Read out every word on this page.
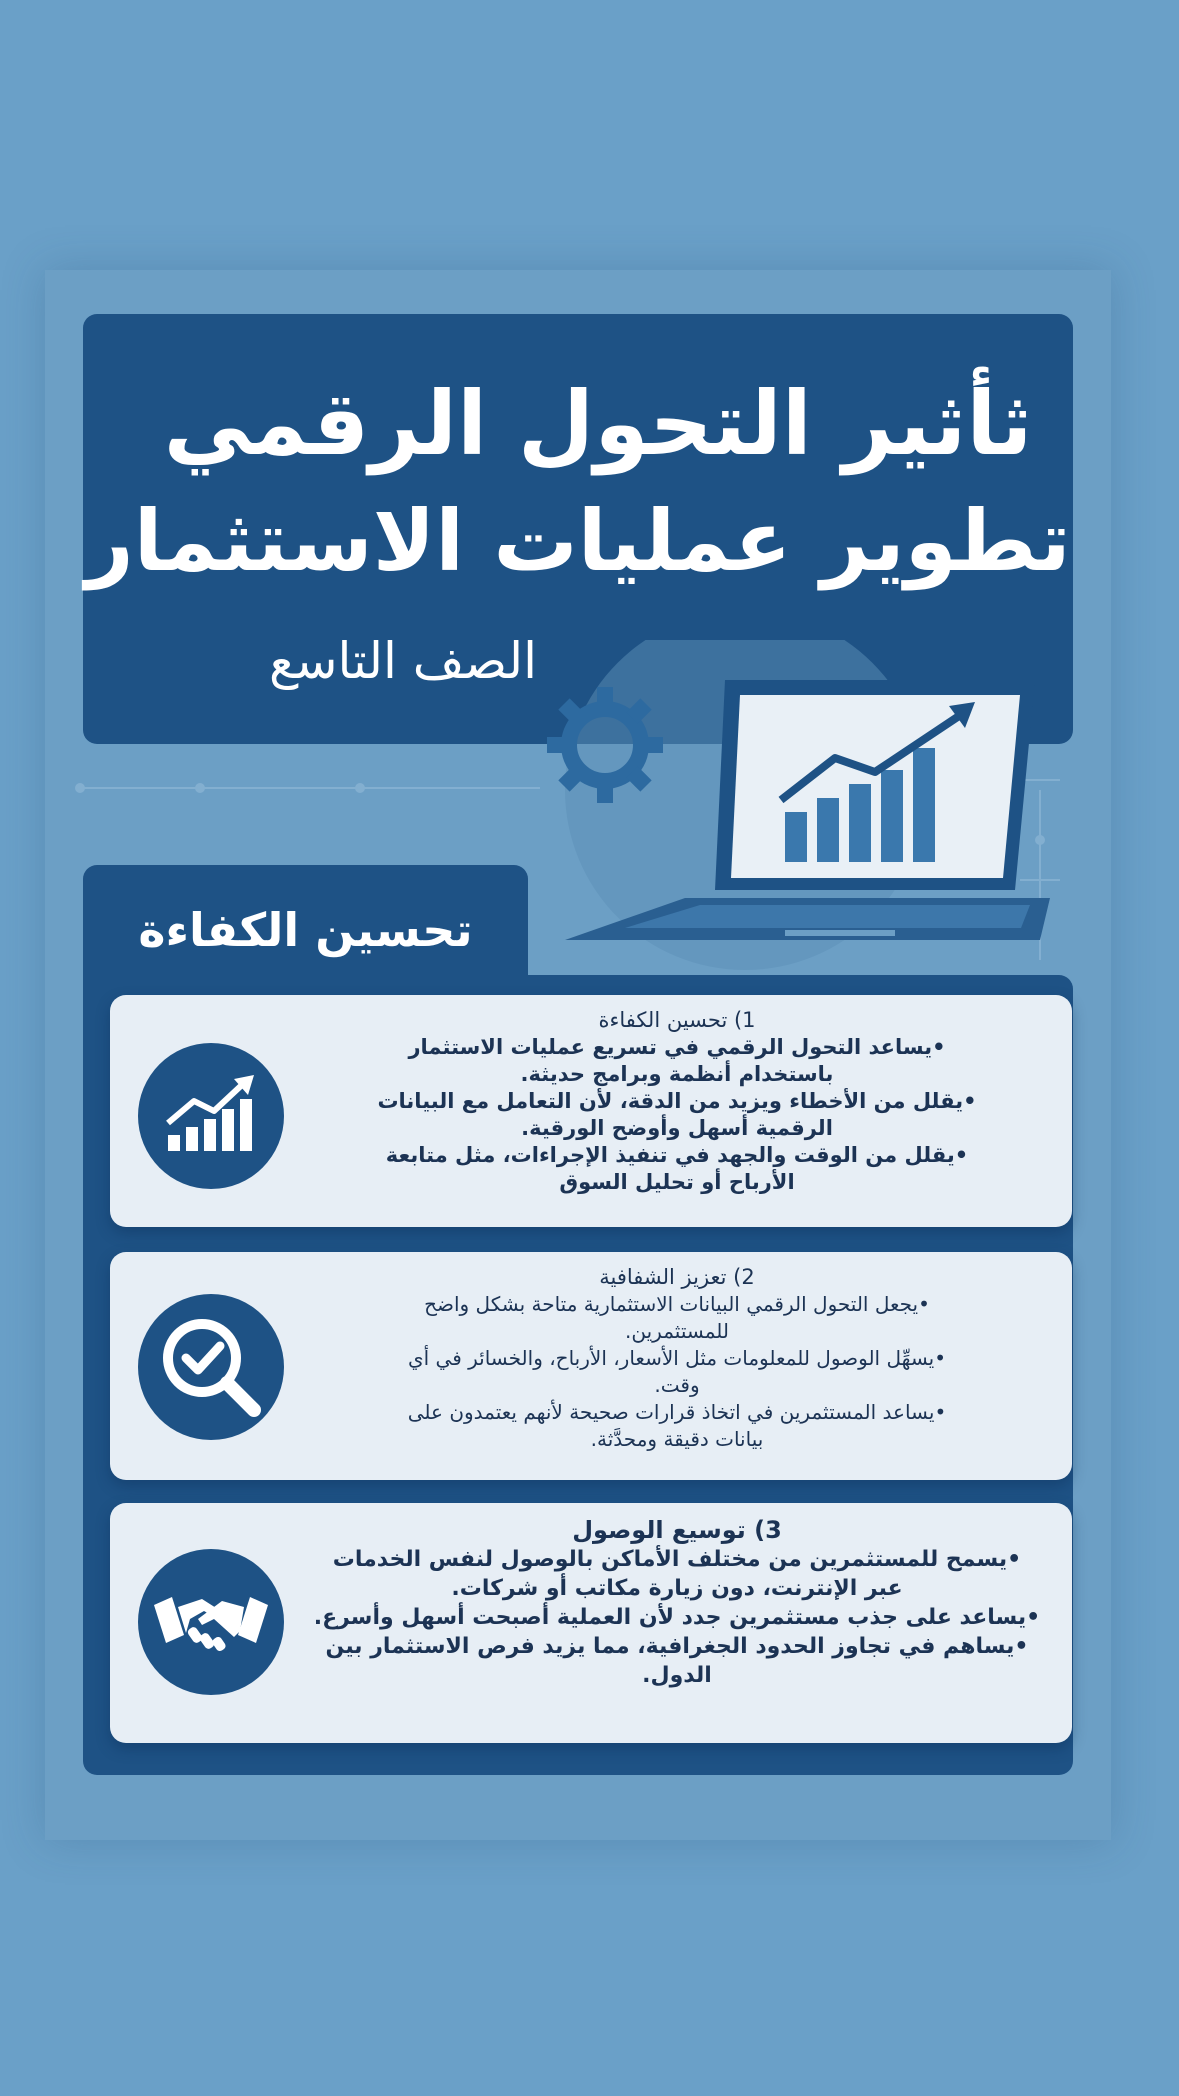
ثأثير التحول الرقمي
تطوير عمليات الاستثمار
الصف التاسع
تحسين الكفاءة
1) تحسين الكفاءة
•يساعد التحول الرقمي في تسريع عمليات الاستثمار
باستخدام أنظمة وبرامج حديثة.
•يقلل من الأخطاء ويزيد من الدقة، لأن التعامل مع البيانات
الرقمية أسهل وأوضح الورقية.
•يقلل من الوقت والجهد في تنفيذ الإجراءات، مثل متابعة
الأرباح أو تحليل السوق
2) تعزيز الشفافية
•يجعل التحول الرقمي البيانات الاستثمارية متاحة بشكل واضح
للمستثمرين.
•يسهِّل الوصول للمعلومات مثل الأسعار، الأرباح، والخسائر في أي
وقت.
•يساعد المستثمرين في اتخاذ قرارات صحيحة لأنهم يعتمدون على
بيانات دقيقة ومحدَّثة.
3) توسيع الوصول
•يسمح للمستثمرين من مختلف الأماكن بالوصول لنفس الخدمات
عبر الإنترنت، دون زيارة مكاتب أو شركات.
•يساعد على جذب مستثمرين جدد لأن العملية أصبحت أسهل وأسرع.
•يساهم في تجاوز الحدود الجغرافية، مما يزيد فرص الاستثمار بين
الدول.
